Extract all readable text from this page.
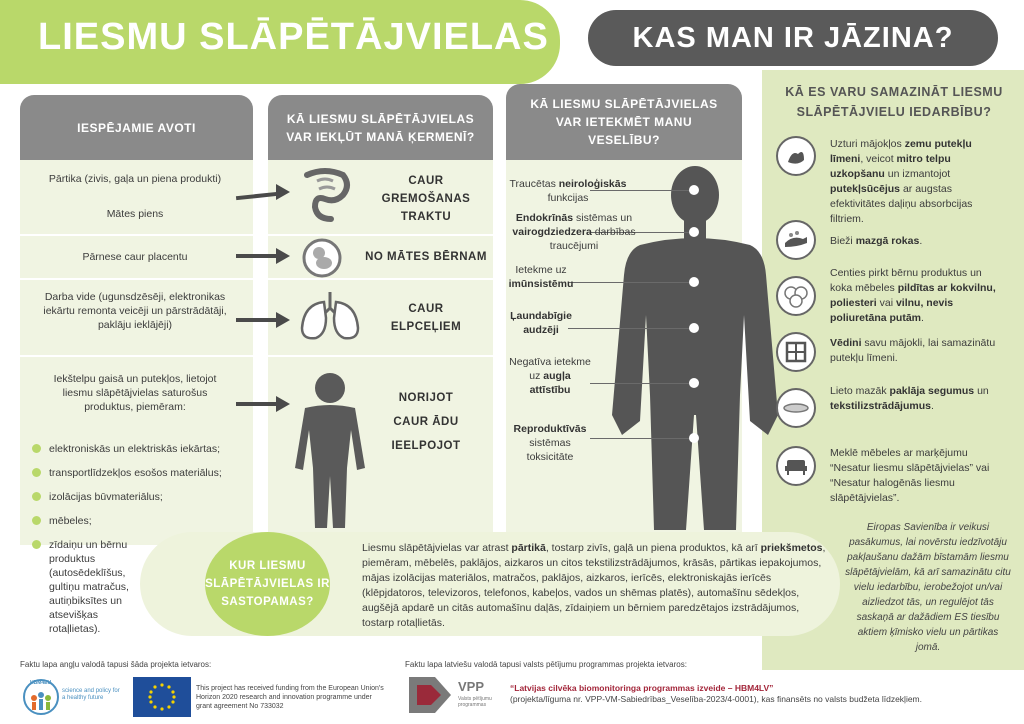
LIESMU SLĀPĒTĀJVIELAS	KAS MAN IR JĀZINA?
KĀ ES VARU SAMAZINĀT LIESMU SLĀPĒTĀJVIELU IEDARBĪBU?
IESPĒJAMIE AVOTI
KĀ LIESMU SLĀPĒTĀJVIELAS VAR IEKĻŪT MANĀ ĶERMENĪ?
KĀ LIESMU SLĀPĒTĀJVIELAS VAR IETEKMĒT MANU VESELĪBU?
Pārtika (zivis, gaļa un piena produkti)
Mātes piens
Pārnese caur placentu
Darba vide (ugunsdzēsēji, elektronikas iekārtu remonta veicēji un pārstrādātāji, paklāju ieklājēji)
Iekštelpu gaisā un putekļos, lietojot liesmu slāpētājvielas saturošus produktus, piemēram:
elektroniskās un elektriskās iekārtas;
transportlīdzekļos esošos materiālus;
izolācijas būvmateriālus;
mēbeles;
zīdaiņu un bērnu produktus (autosēdeklīšus, gultiņu matračus, autiņbiksītes un atsevišķas rotaļlietas).
CAUR
GREMOŠANAS
TRAKTU
NO MĀTES BĒRNAM
CAUR
ELPCEĻIEM
NORIJOT
CAUR ĀDU
IEELPOJOT
Traucētas neiroloģiskās funkcijas
Endokrīnās sistēmas un vairogdziedzera darbības traucējumi
Ietekme uz imūnsistēmu
Ļaundabīgie audzēji
Negatīva ietekme uz augļa attīstību
Reproduktīvās sistēmas toksicitāte
Uzturi mājokļos zemu putekļu līmeni, veicot mitro telpu uzkopšanu un izmantojot putekļsūcējus ar augstas efektivitātes daļiņu absorbcijas filtriem.
Bieži mazgā rokas.
Centies pirkt bērnu produktus un koka mēbeles pildītas ar kokvilnu, poliesteri vai vilnu, nevis poliuretāna putām.
Vēdini savu mājokli, lai samazinātu putekļu līmeni.
Lieto mazāk paklāja segumus un tekstilizstrādājumus.
Meklē mēbeles ar marķējumu “Nesatur liesmu slāpētājvielas” vai “Nesatur halogēnās liesmu slāpētājvielas”.
Eiropas Savienība ir veikusi pasākumus, lai novērstu iedzīvotāju pakļaušanu dažām bīstamām liesmu slāpētājvielām, kā arī samazinātu citu vielu iedarbību, ierobežojot un/vai aizliedzot tās, un regulējot tās saskaņā ar dažādiem ES tiesību aktiem ķīmisko vielu un pārtikas jomā.
KUR LIESMU SLĀPĒTĀJVIELAS IR SASTOPAMAS?
Liesmu slāpētājvielas var atrast pārtikā, tostarp zivīs, gaļā un piena produktos, kā arī priekšmetos, piemēram, mēbelēs, paklājos, aizkaros un citos tekstilizstrādājumos, krāsās, pārtikas iepakojumos, mājas izolācijas materiālos, matračos, paklājos, aizkaros, ierīcēs, elektroniskajās ierīcēs (klēpjdatoros, televizoros, telefonos, kabeļos, vados un shēmas platēs), automašīnu sēdekļos, augšējā apdarē un citās automašīnu daļās, zīdaiņiem un bērniem paredzētajos izstrādājumos, tostarp rotaļlietās.
Faktu lapa angļu valodā tapusi šāda projekta ietvaros:
HBM4EU
science and policy for a healthy future
This project has received funding from the European Union's Horizon 2020 research and innovation programme under grant agreement No 733032
Faktu lapa latviešu valodā tapusi valsts pētījumu programmas projekta ietvaros:
VPP
Valsts pētījumu programmas
“Latvijas cilvēka biomonitoringa programmas izveide – HBM4LV”
(projekta/līguma nr. VPP-VM-Sabiedrības_Veselība-2023/4-0001), kas finansēts no valsts budžeta līdzekļiem.
